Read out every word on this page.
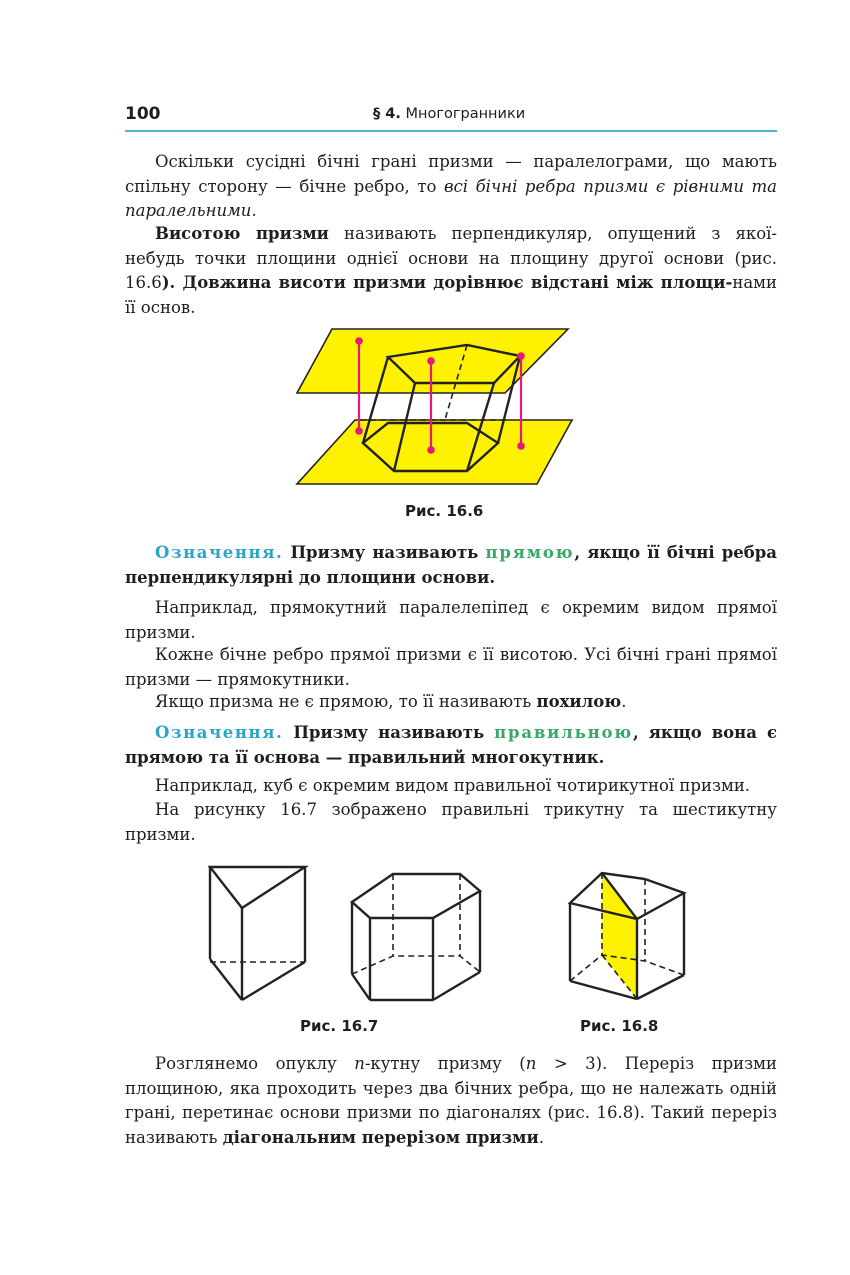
100	§ 4. Многогранники
Оскільки сусідні бічні грані призми — паралелограми, що мають спільну сторону — бічне ребро, то всі бічні ребра призми є рівними та паралельними.
Висотою призми називають перпендикуляр, опущений з якої-небудь точки площини однієї основи на площину другої основи (рис. 16.6). Довжина висоти призми дорівнює відстані між площи-нами її основ.
Рис. 16.6
Означення. Призму називають прямою, якщо її бічні ребра перпендикулярні до площини основи.
Наприклад, прямокутний паралелепіпед є окремим видом прямої призми.
Кожне бічне ребро прямої призми є її висотою. Усі бічні грані прямої призми — прямокутники.
Якщо призма не є прямою, то її називають похилою.
Означення. Призму називають правильною, якщо вона є прямою та її основа — правильний многокутник.
Наприклад, куб є окремим видом правильної чотирикутної призми.
На рисунку 16.7 зображено правильні трикутну та шестикутну призми.
Рис. 16.7	Рис. 16.8
Розглянемо опуклу n-кутну призму (n > 3). Переріз призми площиною, яка проходить через два бічних ребра, що не належать одній грані, перетинає основи призми по діагоналях (рис. 16.8). Такий переріз називають діагональним перерізом призми.
